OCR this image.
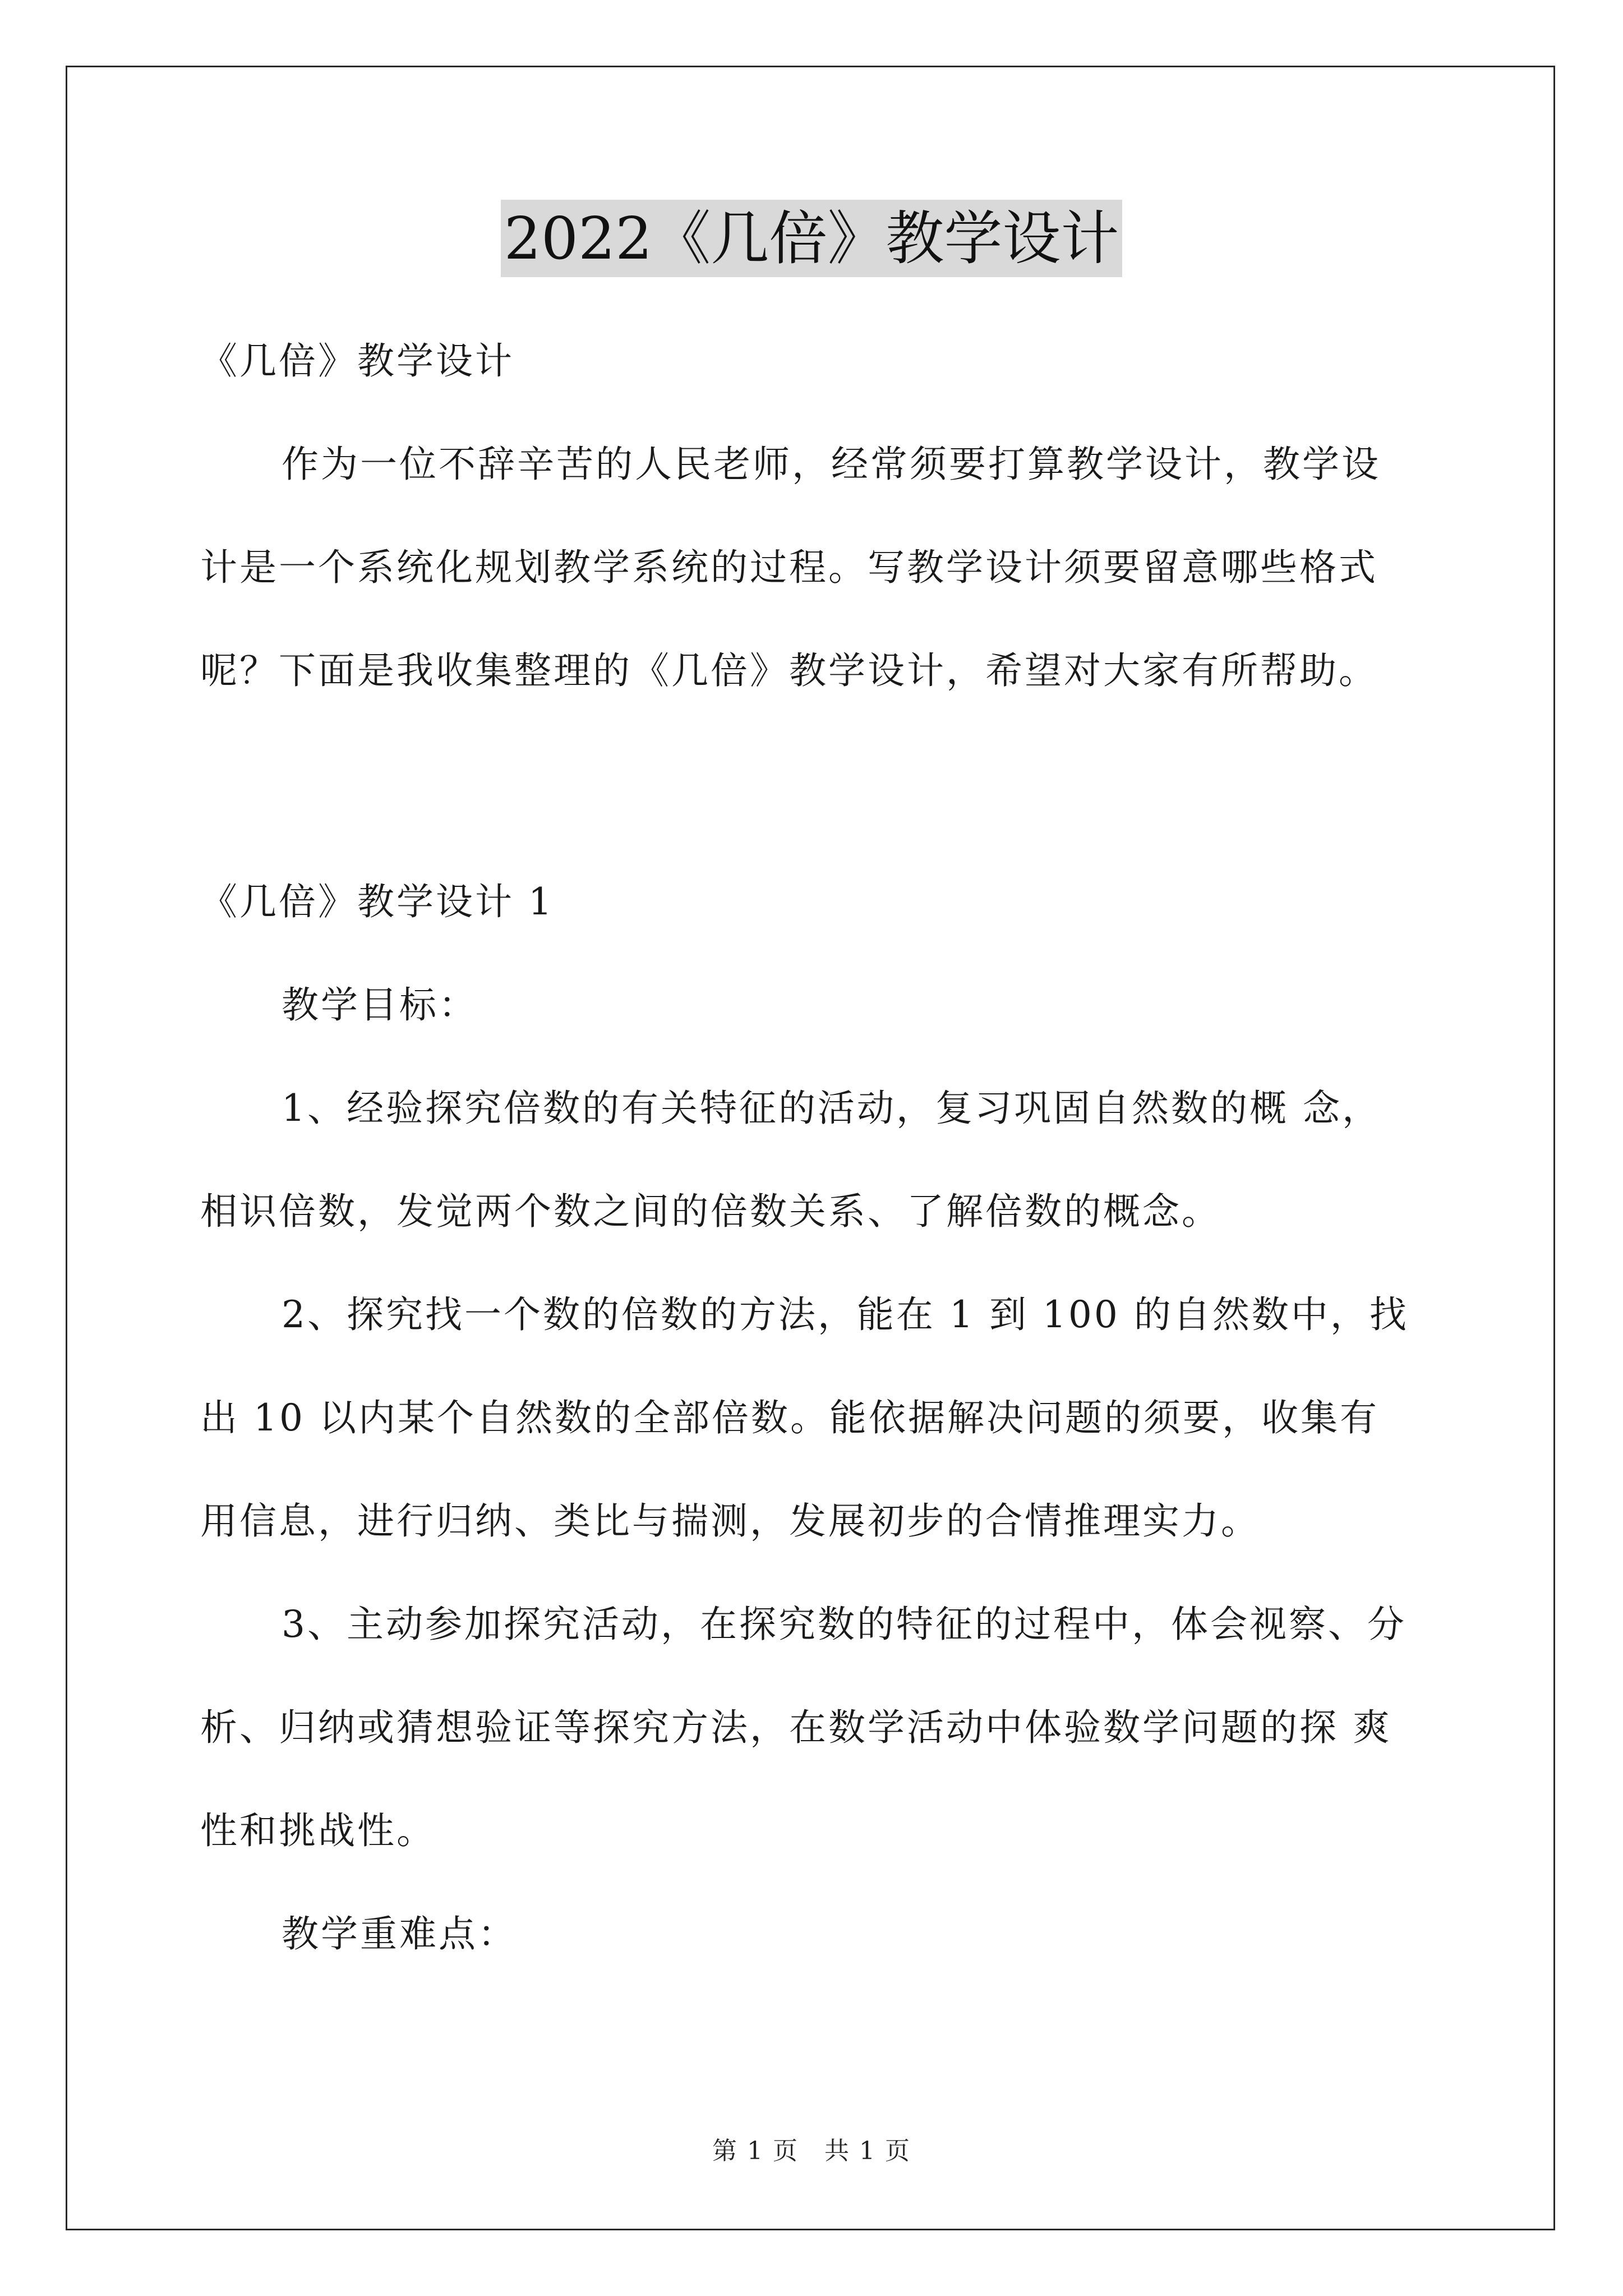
2022《几倍》教学设计
《几倍》教学设计
作为一位不辞辛苦的人民老师，经常须要打算教学设计，教学设
计是一个系统化规划教学系统的过程。写教学设计须要留意哪些格式
呢？下面是我收集整理的《几倍》教学设计，希望对大家有所帮助。
《几倍》教学设计 1
教学目标：
1、经验探究倍数的有关特征的活动，复习巩固自然数的概 念，
相识倍数，发觉两个数之间的倍数关系、了解倍数的概念。
2、探究找一个数的倍数的方法，能在 1 到 100 的自然数中，找
出 10 以内某个自然数的全部倍数。能依据解决问题的须要，收集有
用信息，进行归纳、类比与揣测，发展初步的合情推理实力。
3、主动参加探究活动，在探究数的特征的过程中，体会视察、分
析、归纳或猜想验证等探究方法，在数学活动中体验数学问题的探 爽
性和挑战性。
教学重难点：
第 1 页　共 1 页
